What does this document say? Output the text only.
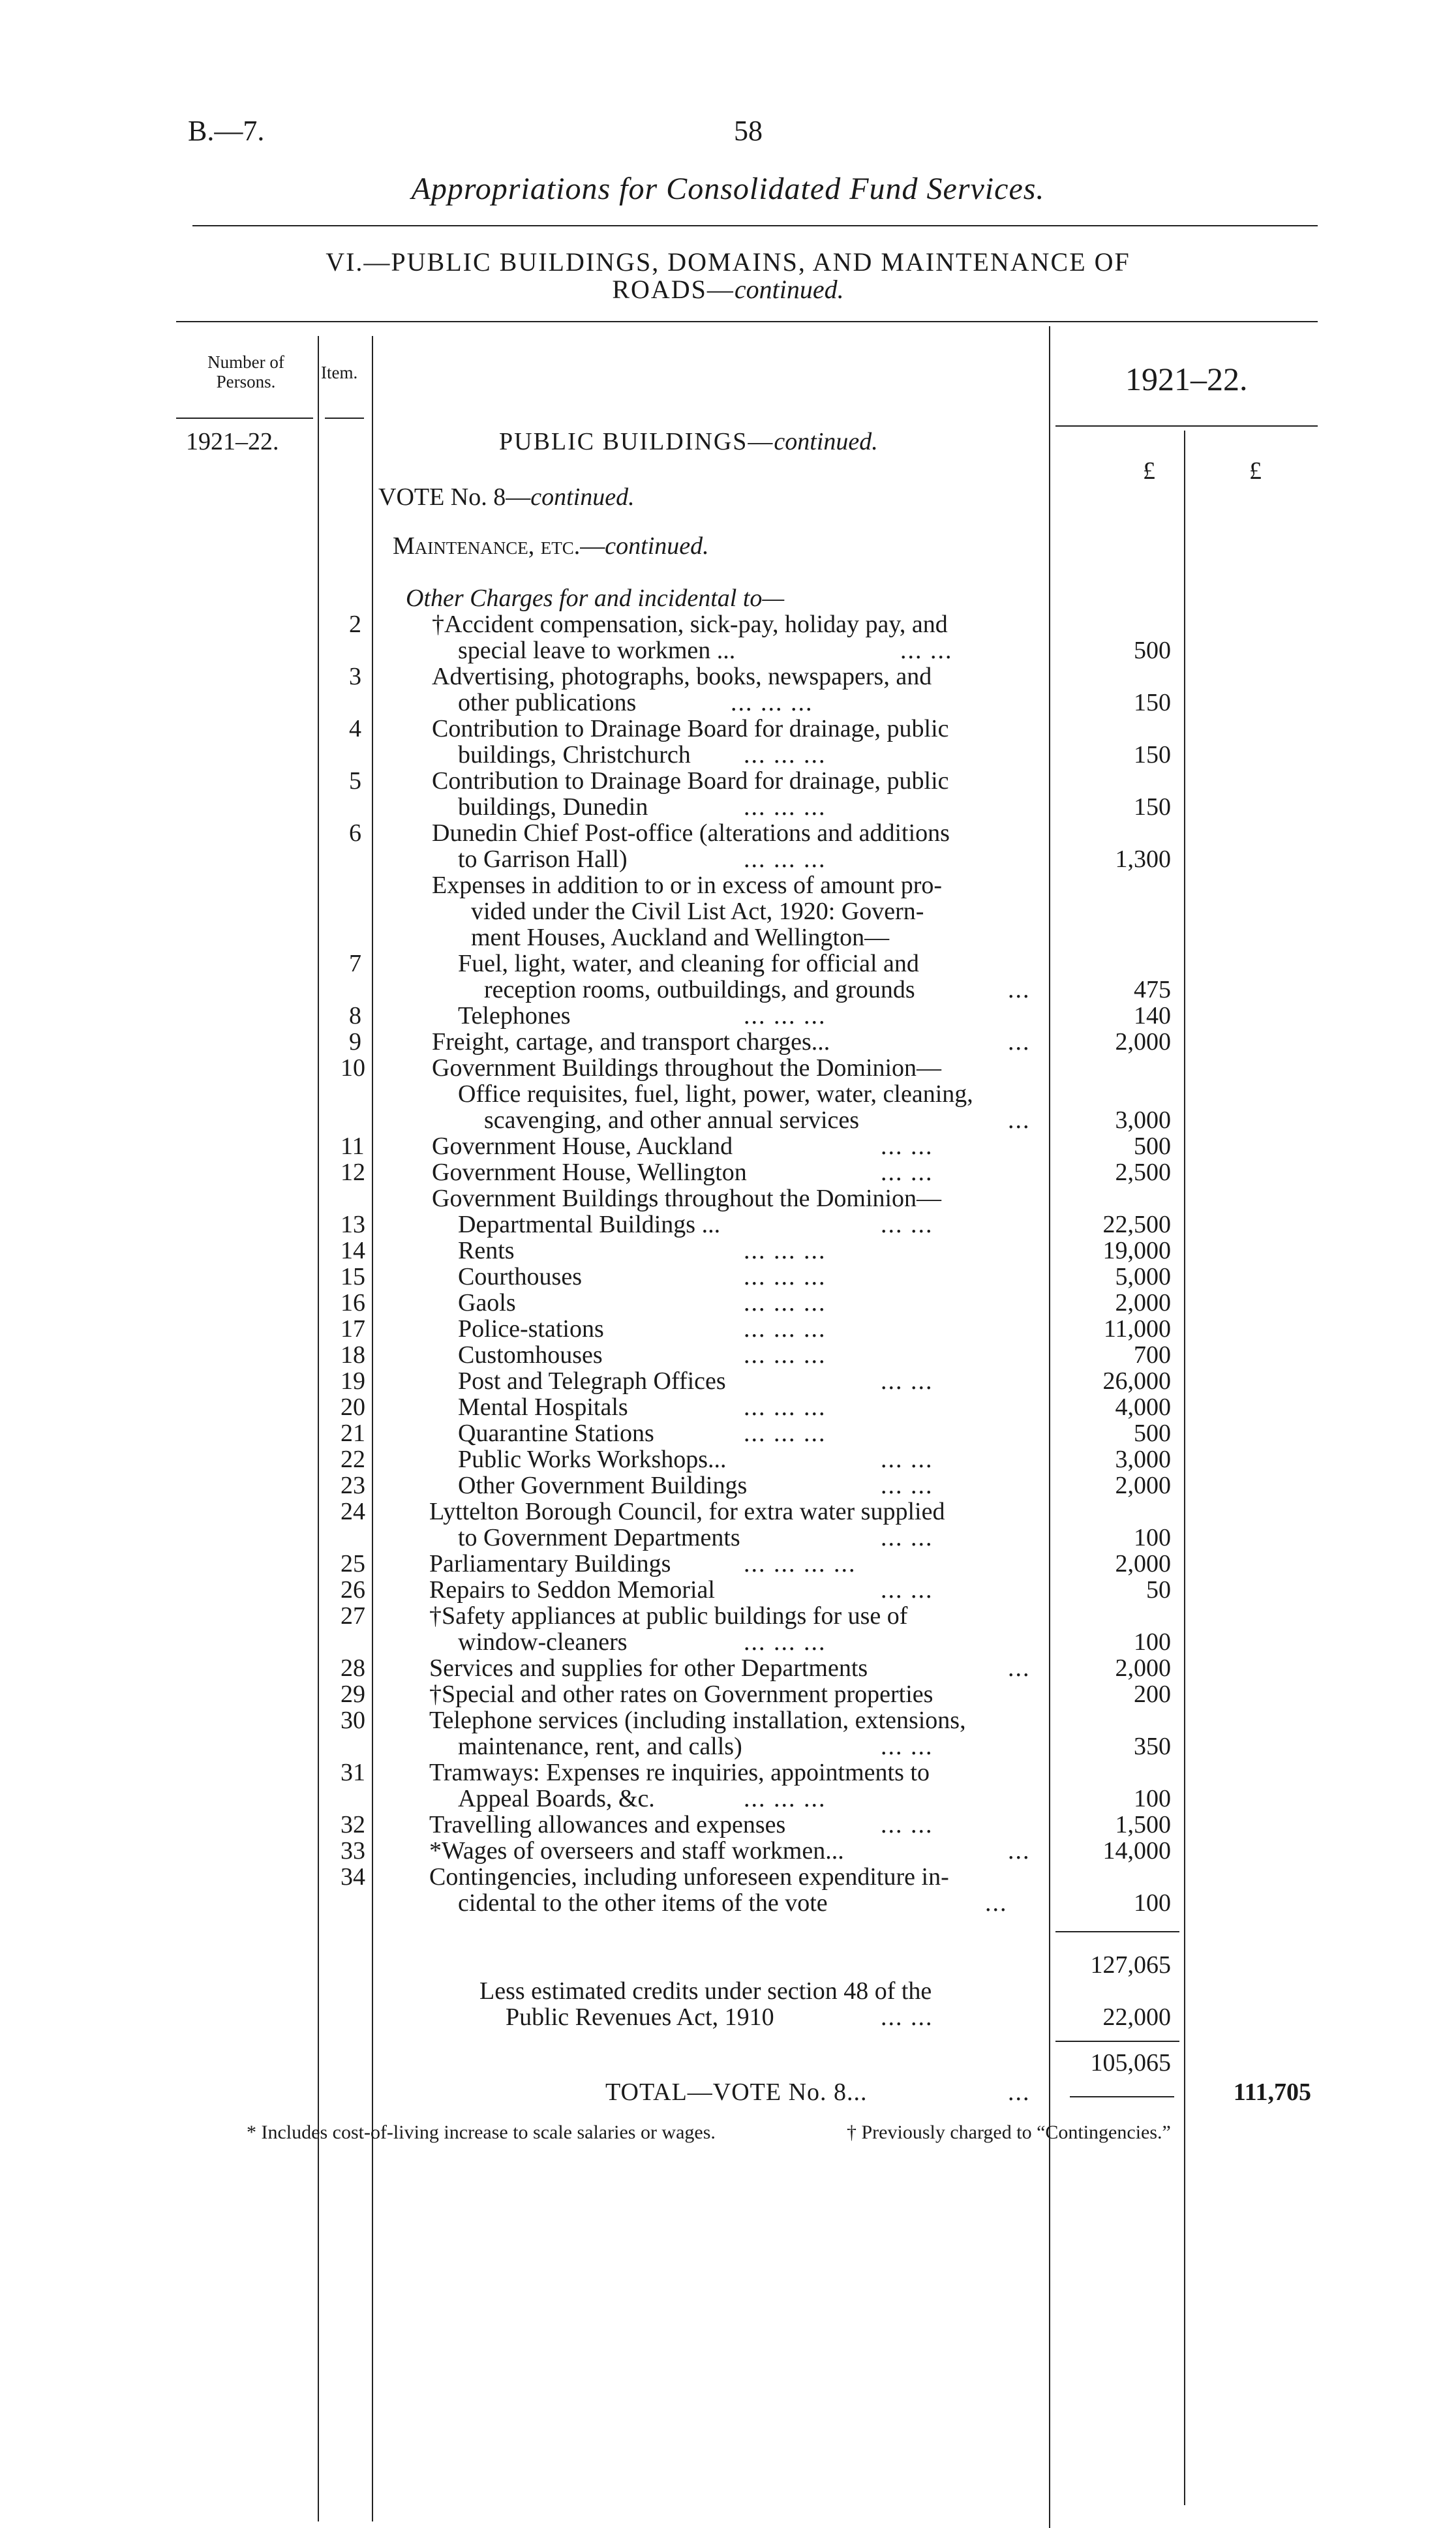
B.—7.	58
Appropriations for Consolidated Fund Services.
VI.—PUBLIC BUILDINGS, DOMAINS, AND MAINTENANCE OF
ROADS—continued.
Number of Persons.	Item.	1921–22.
1921–22.
£	£
PUBLIC BUILDINGS—continued.
VOTE No. 8—continued.
Maintenance, etc.—continued.
Other Charges for and incidental to—
2	†Accident compensation, sick-pay, holiday pay, and
special leave to workmen ...	... ...	500
3	Advertising, photographs, books, newspapers, and
other publications	... ... ...	150
4	Contribution to Drainage Board for drainage, public
buildings, Christchurch ... ... ...	150
5	Contribution to Drainage Board for drainage, public
buildings, Dunedin	... ... ...	150
6	Dunedin Chief Post-office (alterations and additions
to Garrison Hall)	... ... ...	1,300
Expenses in addition to or in excess of amount pro-
vided under the Civil List Act, 1920: Govern-
ment Houses, Auckland and Wellington—
7	Fuel, light, water, and cleaning for official and
reception rooms, outbuildings, and grounds	...	475
8	Telephones	... ... ...	140
9	Freight, cartage, and transport charges...	...	2,000
10	Government Buildings throughout the Dominion—
Office requisites, fuel, light, power, water, cleaning,
scavenging, and other annual services	...	3,000
11	Government House, Auckland	... ...	500
12	Government House, Wellington	... ...	2,500
Government Buildings throughout the Dominion—
13	Departmental Buildings ...	... ...	22,500
14	Rents	... ... ...	19,000
15	Courthouses	... ... ...	5,000
16	Gaols	... ... ...	2,000
17	Police-stations	... ... ...	11,000
18	Customhouses	... ... ...	700
19	Post and Telegraph Offices	... ...	26,000
20	Mental Hospitals	... ... ...	4,000
21	Quarantine Stations	... ... ...	500
22	Public Works Workshops...	... ...	3,000
23	Other Government Buildings	... ...	2,000
24	Lyttelton Borough Council, for extra water supplied
to Government Departments	... ...	100
25	Parliamentary Buildings	... ... ... ...	2,000
26	Repairs to Seddon Memorial	... ...	50
27	†Safety appliances at public buildings for use of
window-cleaners	... ... ...	100
28	Services and supplies for other Departments	...	2,000
29	†Special and other rates on Government properties	200
30	Telephone services (including installation, extensions,
maintenance, rent, and calls)	... ...	350
31	Tramways: Expenses re inquiries, appointments to
Appeal Boards, &c.	... ... ...	100
32	Travelling allowances and expenses	... ...	1,500
33	*Wages of overseers and staff workmen...	...	14,000
34	Contingencies, including unforeseen expenditure in-
cidental to the other items of the vote	...	100
127,065
Less estimated credits under section 48 of the
Public Revenues Act, 1910	... ...	22,000
105,065
TOTAL—VOTE No. 8...	...	111,705
* Includes cost-of-living increase to scale salaries or wages.	† Previously charged to “Contingencies.”
